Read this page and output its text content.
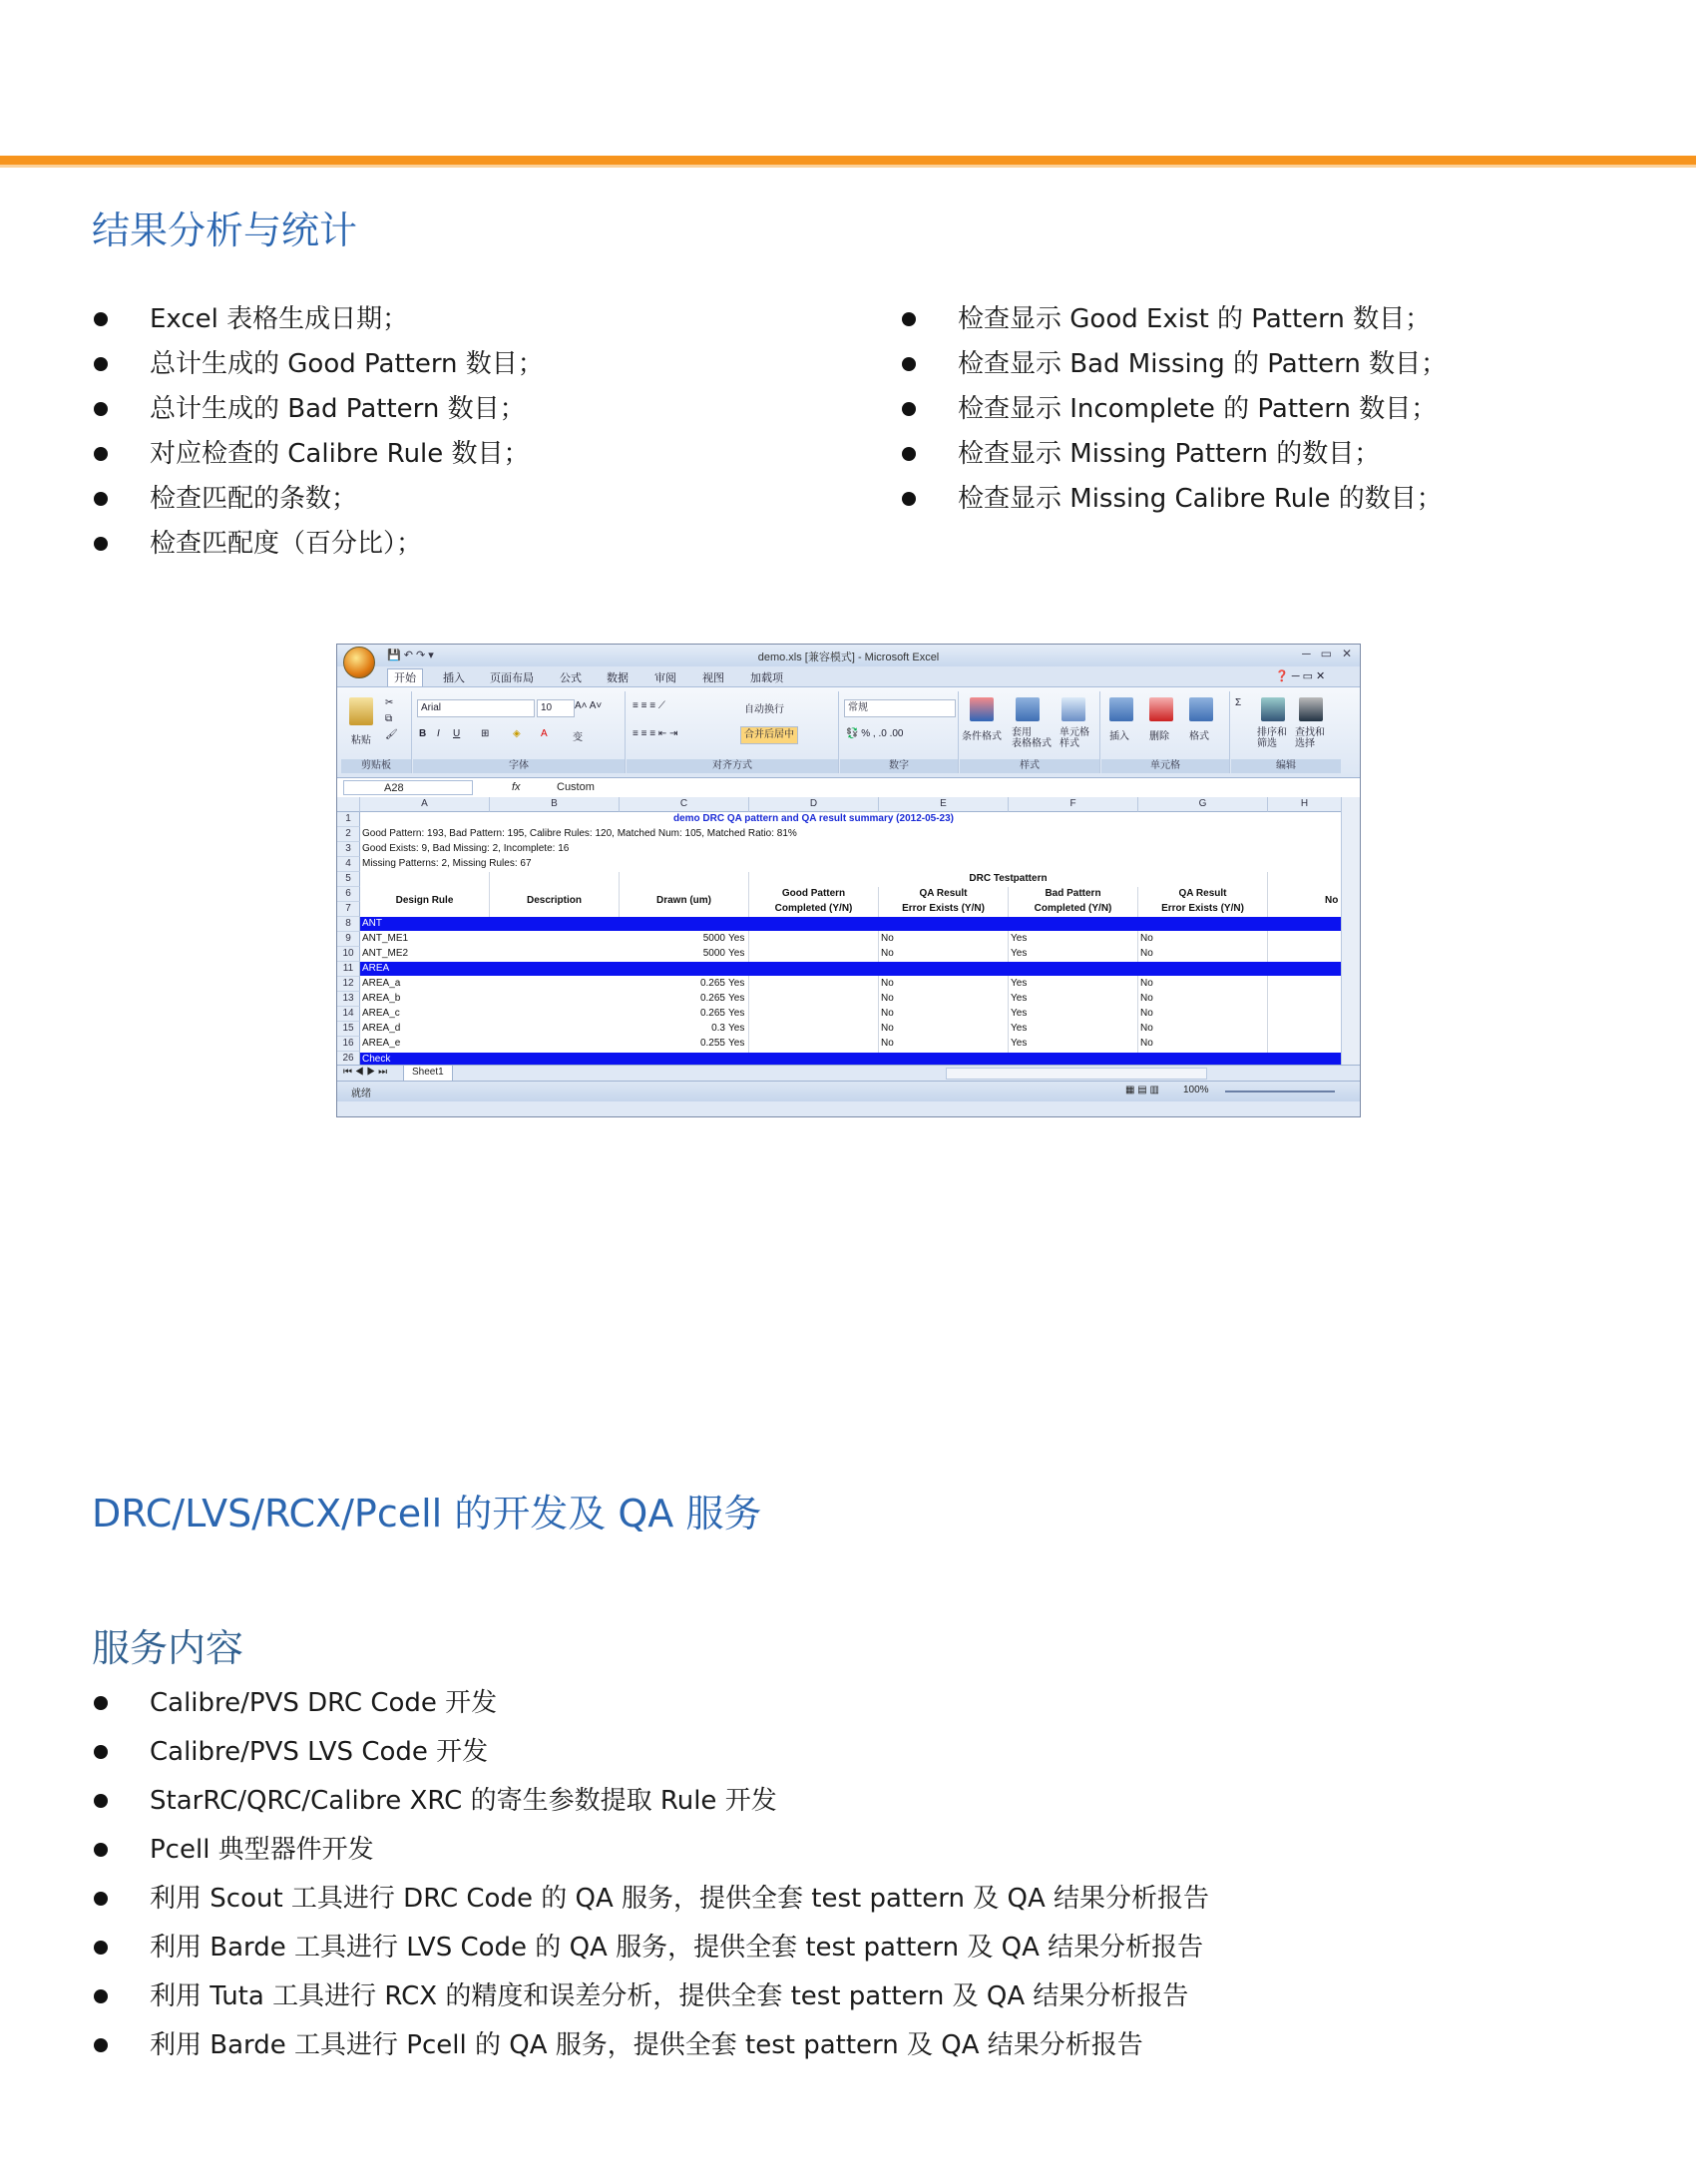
结果分析与统计
Excel 表格生成日期；
总计生成的 Good Pattern 数目；
总计生成的 Bad Pattern 数目；
对应检查的 Calibre Rule 数目；
检查匹配的条数；
检查匹配度（百分比）；
检查显示 Good Exist 的 Pattern 数目；
检查显示 Bad Missing 的 Pattern 数目；
检查显示 Incomplete 的 Pattern 数目；
检查显示 Missing Pattern 的数目；
检查显示 Missing Calibre Rule 的数目；
💾 ↶ ↷ ▾	demo.xls [兼容模式] - Microsoft Excel	─   ▭   ✕
开始	插入 页面布局 公式 数据 审阅 视图 加载项	❓ ─ ▭ ✕
粘贴
✂
⧉
🖌
剪贴板
Arial	10	A˄ A˅
B I U ⊞ ◈ A	变
字体
≡ ≡ ≡ ⟋
≡ ≡ ≡ ⇤ ⇥
自动换行
合并后居中
对齐方式
常规
💱 % , .0 .00
数字
条件格式 套用
表格格式
单元格
样式
样式
插入 删除 格式
单元格
Σ
排序和
筛选
查找和
选择
编辑
A28	fx	Custom
A	B	C	D	E	F	G	H
1
2
3
4
5
6
7
8
9
10
11
12
13
14
15
16
26
demo DRC QA pattern and QA result summary (2012-05-23)
Good Pattern: 193, Bad Pattern: 195, Calibre Rules: 120, Matched Num: 105, Matched Ratio: 81%
Good Exists: 9, Bad Missing: 2, Incomplete: 16
Missing Patterns: 2, Missing Rules: 67
DRC Testpattern
Design Rule	Description	Drawn (um)
Good Pattern
Completed (Y/N)
QA Result
Error Exists (Y/N)
Bad Pattern
Completed (Y/N)
QA Result
Error Exists (Y/N)
No
ANT
ANT_ME1	5000 Yes	No	Yes	No
ANT_ME2	5000 Yes	No	Yes	No
AREA
AREA_a	0.265 Yes	No	Yes	No
AREA_b	0.265 Yes	No	Yes	No
AREA_c	0.265 Yes	No	Yes	No
AREA_d	0.3 Yes	No	Yes	No
AREA_e	0.255 Yes	No	Yes	No
Check
⏮ ◀ ▶ ⏭	Sheet1
就绪	▦ ▤ ▥ 100%
DRC/LVS/RCX/Pcell 的开发及 QA 服务
服务内容
Calibre/PVS DRC Code 开发
Calibre/PVS LVS Code 开发
StarRC/QRC/Calibre XRC 的寄生参数提取 Rule 开发
Pcell 典型器件开发
利用 Scout 工具进行 DRC Code 的 QA 服务，提供全套 test pattern 及 QA 结果分析报告
利用 Barde 工具进行 LVS Code 的 QA 服务，提供全套 test pattern 及 QA 结果分析报告
利用 Tuta 工具进行 RCX 的精度和误差分析，提供全套 test pattern 及 QA 结果分析报告
利用 Barde 工具进行 Pcell 的 QA 服务，提供全套 test pattern 及 QA 结果分析报告
